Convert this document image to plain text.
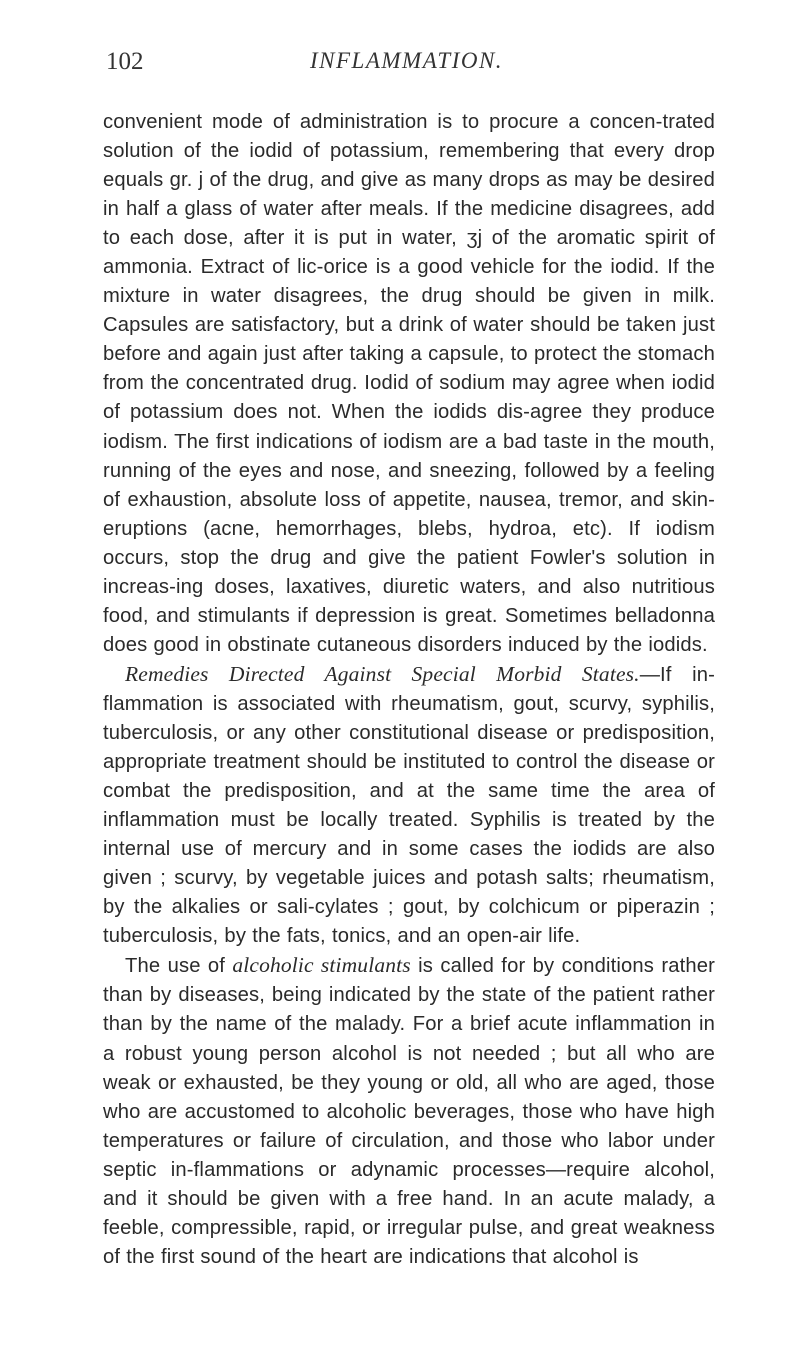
102	INFLAMMATION.

convenient mode of administration is to procure a concen-trated solution of the iodid of potassium, remembering that every drop equals gr. j of the drug, and give as many drops as may be desired in half a glass of water after meals. If the medicine disagrees, add to each dose, after it is put in water, ʒj of the aromatic spirit of ammonia. Extract of lic-orice is a good vehicle for the iodid. If the mixture in water disagrees, the drug should be given in milk. Capsules are satisfactory, but a drink of water should be taken just before and again just after taking a capsule, to protect the stomach from the concentrated drug. Iodid of sodium may agree when iodid of potassium does not. When the iodids dis-agree they produce iodism. The first indications of iodism are a bad taste in the mouth, running of the eyes and nose, and sneezing, followed by a feeling of exhaustion, absolute loss of appetite, nausea, tremor, and skin-eruptions (acne, hemorrhages, blebs, hydroa, etc). If iodism occurs, stop the drug and give the patient Fowler's solution in increas-ing doses, laxatives, diuretic waters, and also nutritious food, and stimulants if depression is great. Sometimes belladonna does good in obstinate cutaneous disorders induced by the iodids.

Remedies Directed Against Special Morbid States.—If in-flammation is associated with rheumatism, gout, scurvy, syphilis, tuberculosis, or any other constitutional disease or predisposition, appropriate treatment should be instituted to control the disease or combat the predisposition, and at the same time the area of inflammation must be locally treated. Syphilis is treated by the internal use of mercury and in some cases the iodids are also given ; scurvy, by vegetable juices and potash salts; rheumatism, by the alkalies or sali-cylates ; gout, by colchicum or piperazin ; tuberculosis, by the fats, tonics, and an open-air life.

The use of alcoholic stimulants is called for by conditions rather than by diseases, being indicated by the state of the patient rather than by the name of the malady. For a brief acute inflammation in a robust young person alcohol is not needed ; but all who are weak or exhausted, be they young or old, all who are aged, those who are accustomed to alcoholic beverages, those who have high temperatures or failure of circulation, and those who labor under septic in-flammations or adynamic processes—require alcohol, and it should be given with a free hand. In an acute malady, a feeble, compressible, rapid, or irregular pulse, and great weakness of the first sound of the heart are indications that alcohol is
